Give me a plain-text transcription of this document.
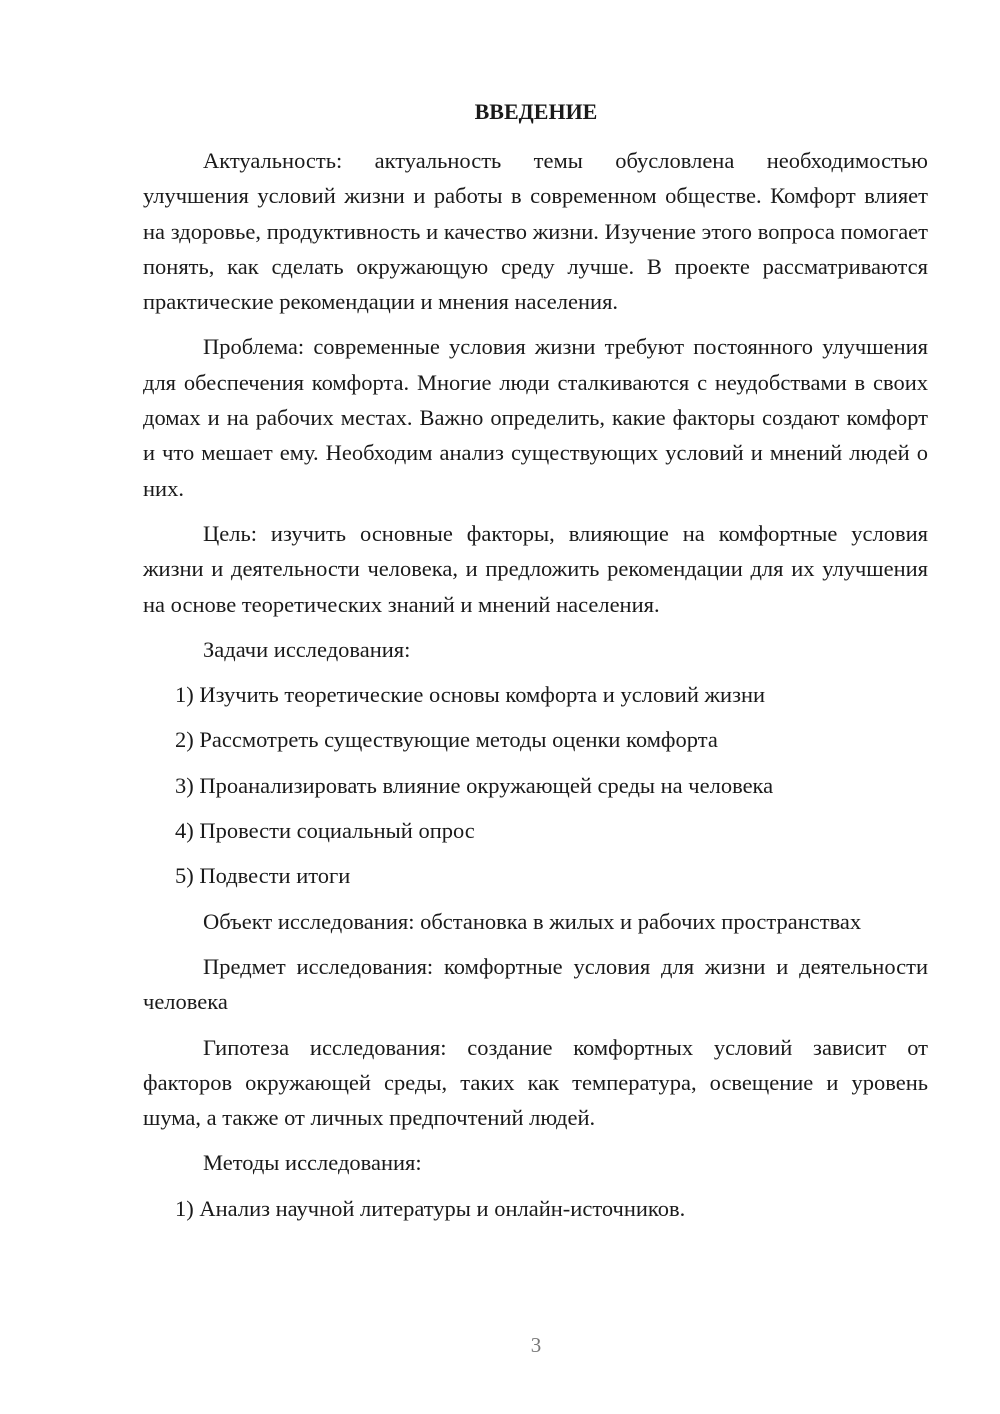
ВВЕДЕНИЕ

Актуальность: актуальность темы обусловлена необходимостью улучшения условий жизни и работы в современном обществе. Комфорт влияет на здоровье, продуктивность и качество жизни. Изучение этого вопроса помогает понять, как сделать окружающую среду лучше. В проекте рассматриваются практические рекомендации и мнения населения.

Проблема: современные условия жизни требуют постоянного улучшения для обеспечения комфорта. Многие люди сталкиваются с неудобствами в своих домах и на рабочих местах. Важно определить, какие факторы создают комфорт и что мешает ему. Необходим анализ существующих условий и мнений людей о них.

Цель: изучить основные факторы, влияющие на комфортные условия жизни и деятельности человека, и предложить рекомендации для их улучшения на основе теоретических знаний и мнений населения.

Задачи исследования:

1) Изучить теоретические основы комфорта и условий жизни

2) Рассмотреть существующие методы оценки комфорта

3) Проанализировать влияние окружающей среды на человека

4) Провести социальный опрос

5) Подвести итоги

Объект исследования: обстановка в жилых и рабочих пространствах

Предмет исследования: комфортные условия для жизни и деятельности человека

Гипотеза исследования: создание комфортных условий зависит от факторов окружающей среды, таких как температура, освещение и уровень шума, а также от личных предпочтений людей.

Методы исследования:

1) Анализ научной литературы и онлайн-источников.

3
